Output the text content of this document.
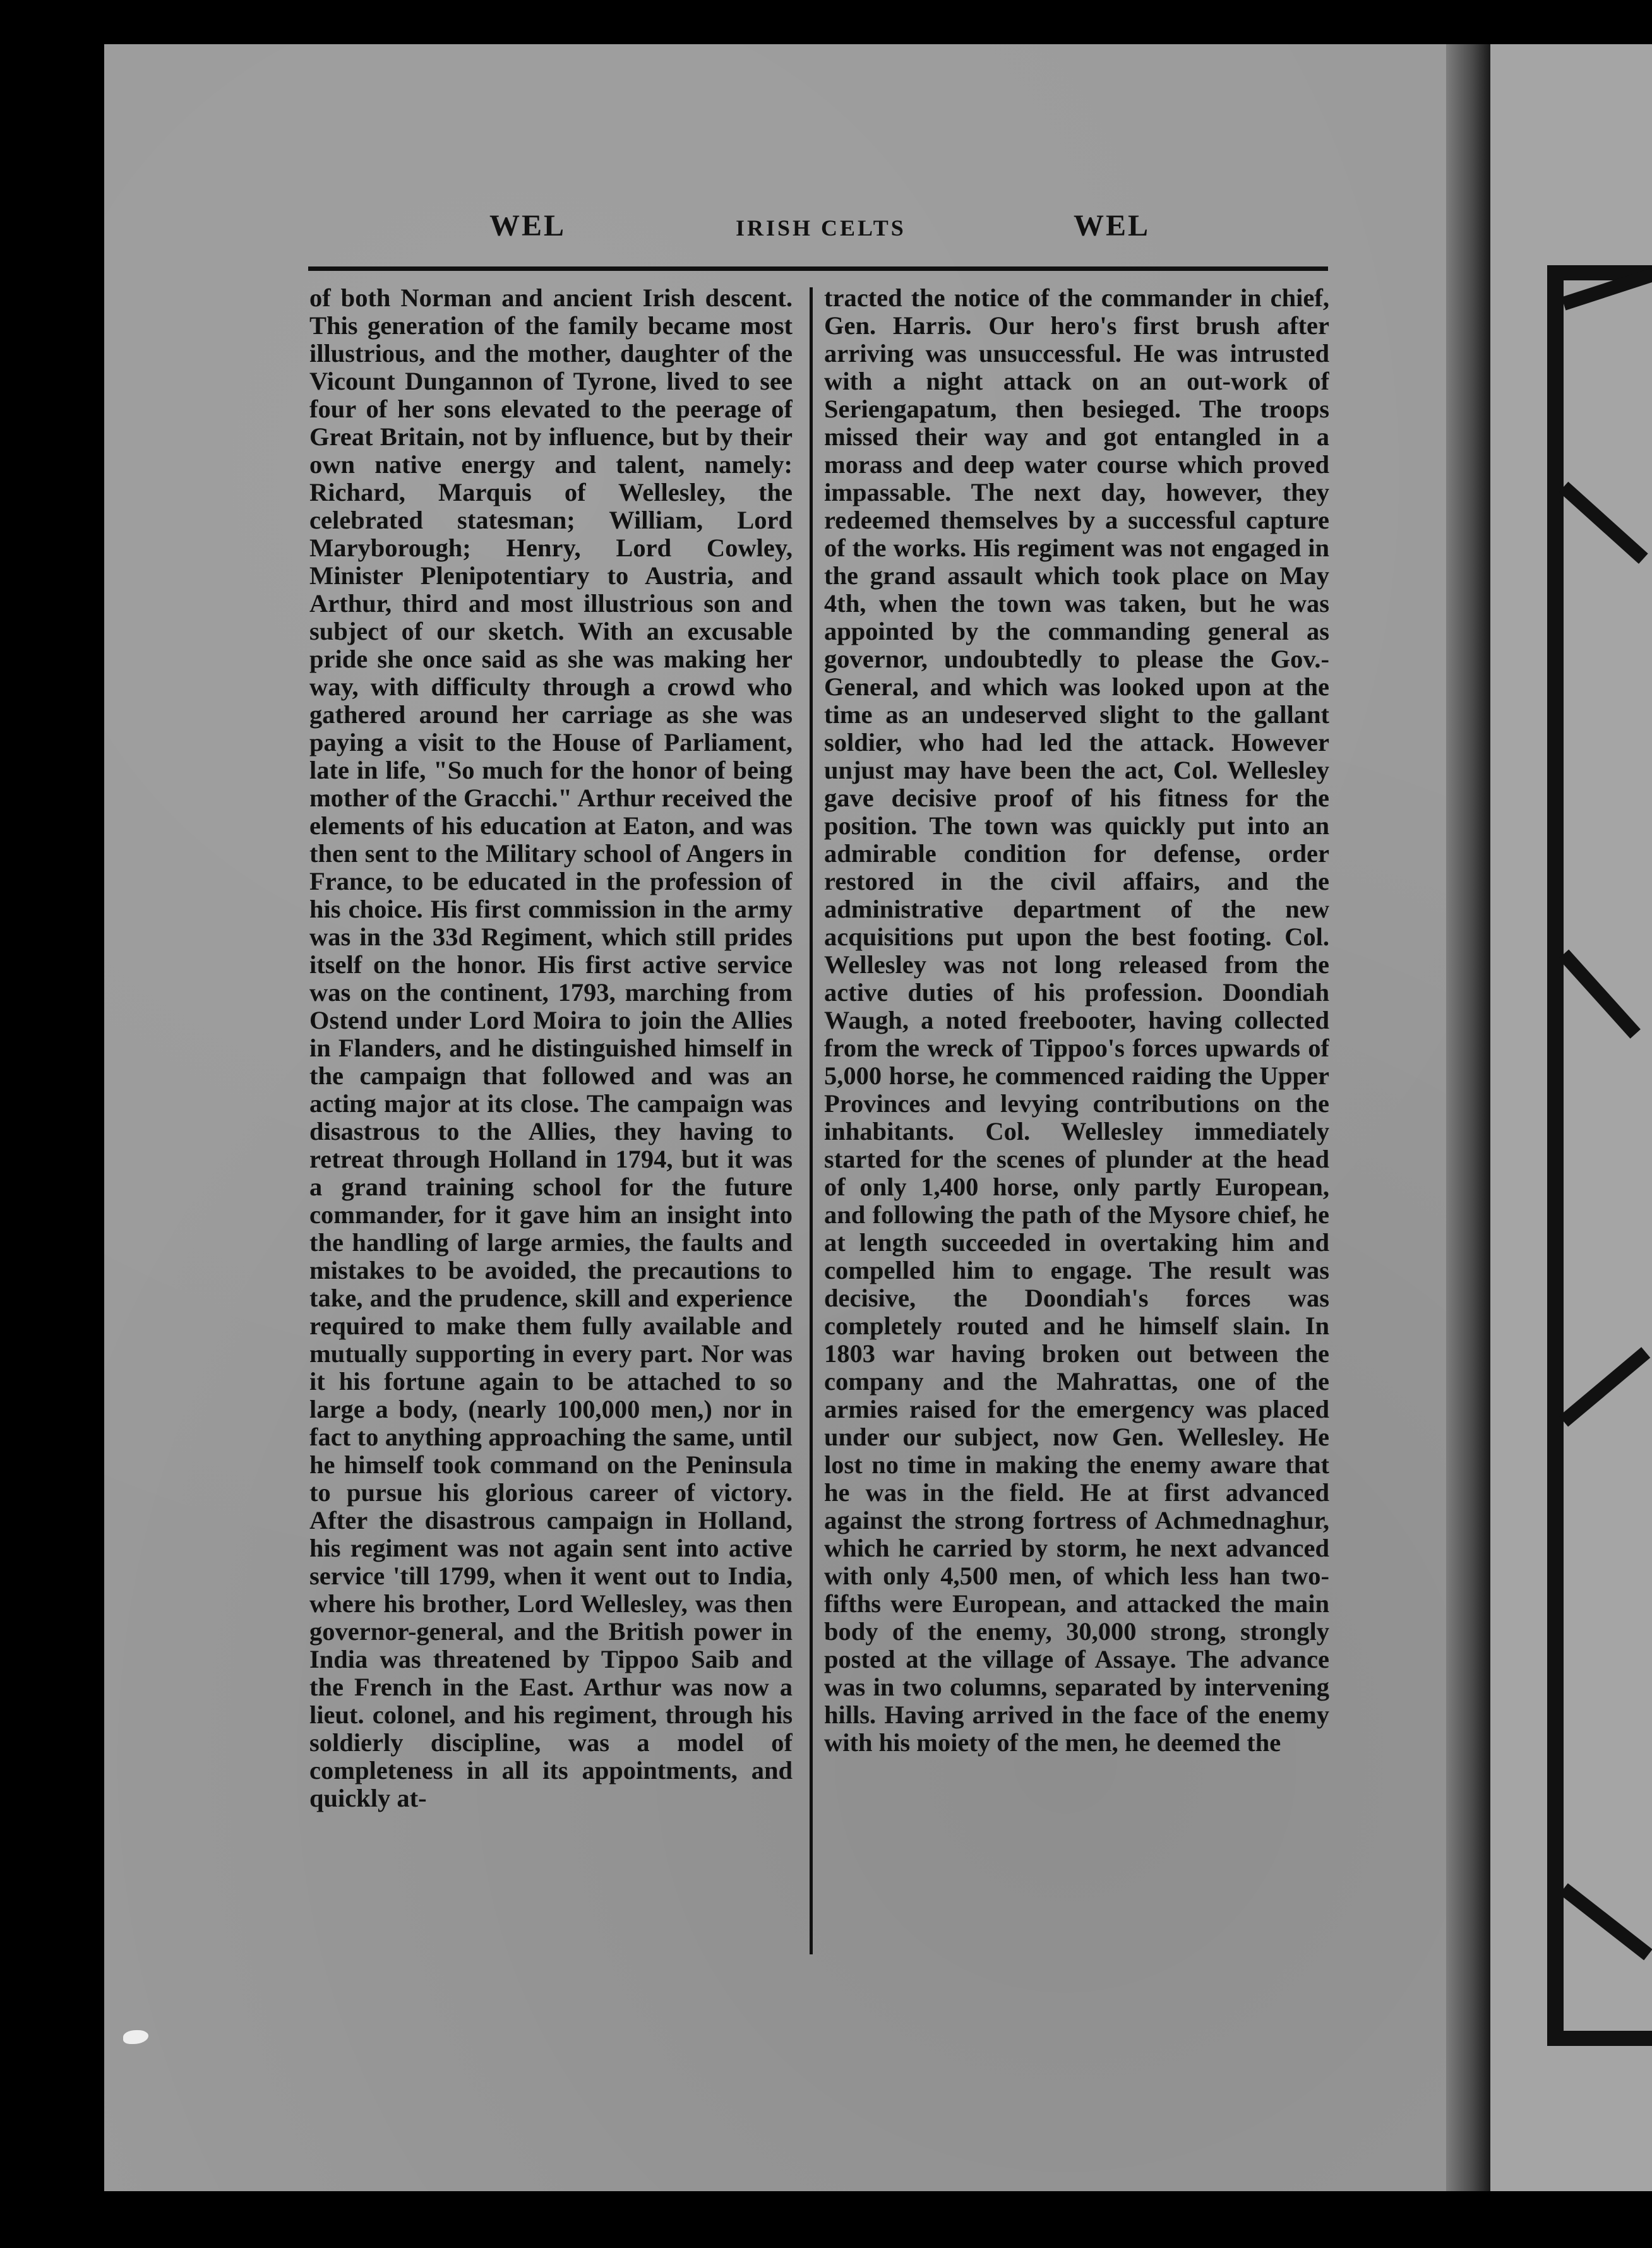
WEL	IRISH CELTS	WEL

of both Norman and ancient Irish descent. This generation of the family became most illustrious, and the mother, daughter of the Vicount Dungannon of Tyrone, lived to see four of her sons elevated to the peerage of Great Britain, not by influence, but by their own native energy and talent, namely: Richard, Marquis of Wellesley, the celebrated statesman; William, Lord Maryborough; Henry, Lord Cowley, Minister Plenipotentiary to Austria, and Arthur, third and most illustrious son and subject of our sketch. With an excusable pride she once said as she was making her way, with difficulty through a crowd who gathered around her carriage as she was paying a visit to the House of Parliament, late in life, "So much for the honor of being mother of the Gracchi." Arthur received the elements of his education at Eaton, and was then sent to the Military school of Angers in France, to be educated in the profession of his choice. His first commission in the army was in the 33d Regiment, which still prides itself on the honor. His first active service was on the continent, 1793, marching from Ostend under Lord Moira to join the Allies in Flanders, and he distinguished himself in the campaign that followed and was an acting major at its close. The campaign was disastrous to the Allies, they having to retreat through Holland in 1794, but it was a grand training school for the future commander, for it gave him an insight into the handling of large armies, the faults and mistakes to be avoided, the precautions to take, and the prudence, skill and experience required to make them fully available and mutually supporting in every part. Nor was it his fortune again to be attached to so large a body, (nearly 100,000 men,) nor in fact to anything approaching the same, until he himself took command on the Peninsula to pursue his glorious career of victory. After the disastrous campaign in Holland, his regiment was not again sent into active service 'till 1799, when it went out to India, where his brother, Lord Wellesley, was then governor-general, and the British power in India was threatened by Tippoo Saib and the French in the East. Arthur was now a lieut. colonel, and his regiment, through his soldierly discipline, was a model of completeness in all its appointments, and quickly at-

tracted the notice of the commander in chief, Gen. Harris. Our hero's first brush after arriving was unsuccessful. He was intrusted with a night attack on an out-work of Seriengapatum, then besieged. The troops missed their way and got entangled in a morass and deep water course which proved impassable. The next day, however, they redeemed themselves by a successful capture of the works. His regiment was not engaged in the grand assault which took place on May 4th, when the town was taken, but he was appointed by the commanding general as governor, undoubtedly to please the Gov.-General, and which was looked upon at the time as an undeserved slight to the gallant soldier, who had led the attack. However unjust may have been the act, Col. Wellesley gave decisive proof of his fitness for the position. The town was quickly put into an admirable condition for defense, order restored in the civil affairs, and the administrative department of the new acquisitions put upon the best footing. Col. Wellesley was not long released from the active duties of his profession. Doondiah Waugh, a noted freebooter, having collected from the wreck of Tippoo's forces upwards of 5,000 horse, he commenced raiding the Upper Provinces and levying contributions on the inhabitants. Col. Wellesley immediately started for the scenes of plunder at the head of only 1,400 horse, only partly European, and following the path of the Mysore chief, he at length succeeded in overtaking him and compelled him to engage. The result was decisive, the Doondiah's forces was completely routed and he himself slain. In 1803 war having broken out between the company and the Mahrattas, one of the armies raised for the emergency was placed under our subject, now Gen. Wellesley. He lost no time in making the enemy aware that he was in the field. He at first advanced against the strong fortress of Achmednaghur, which he carried by storm, he next advanced with only 4,500 men, of which less han two-fifths were European, and attacked the main body of the enemy, 30,000 strong, strongly posted at the village of Assaye. The advance was in two columns, separated by intervening hills. Having arrived in the face of the enemy with his moiety of the men, he deemed the
